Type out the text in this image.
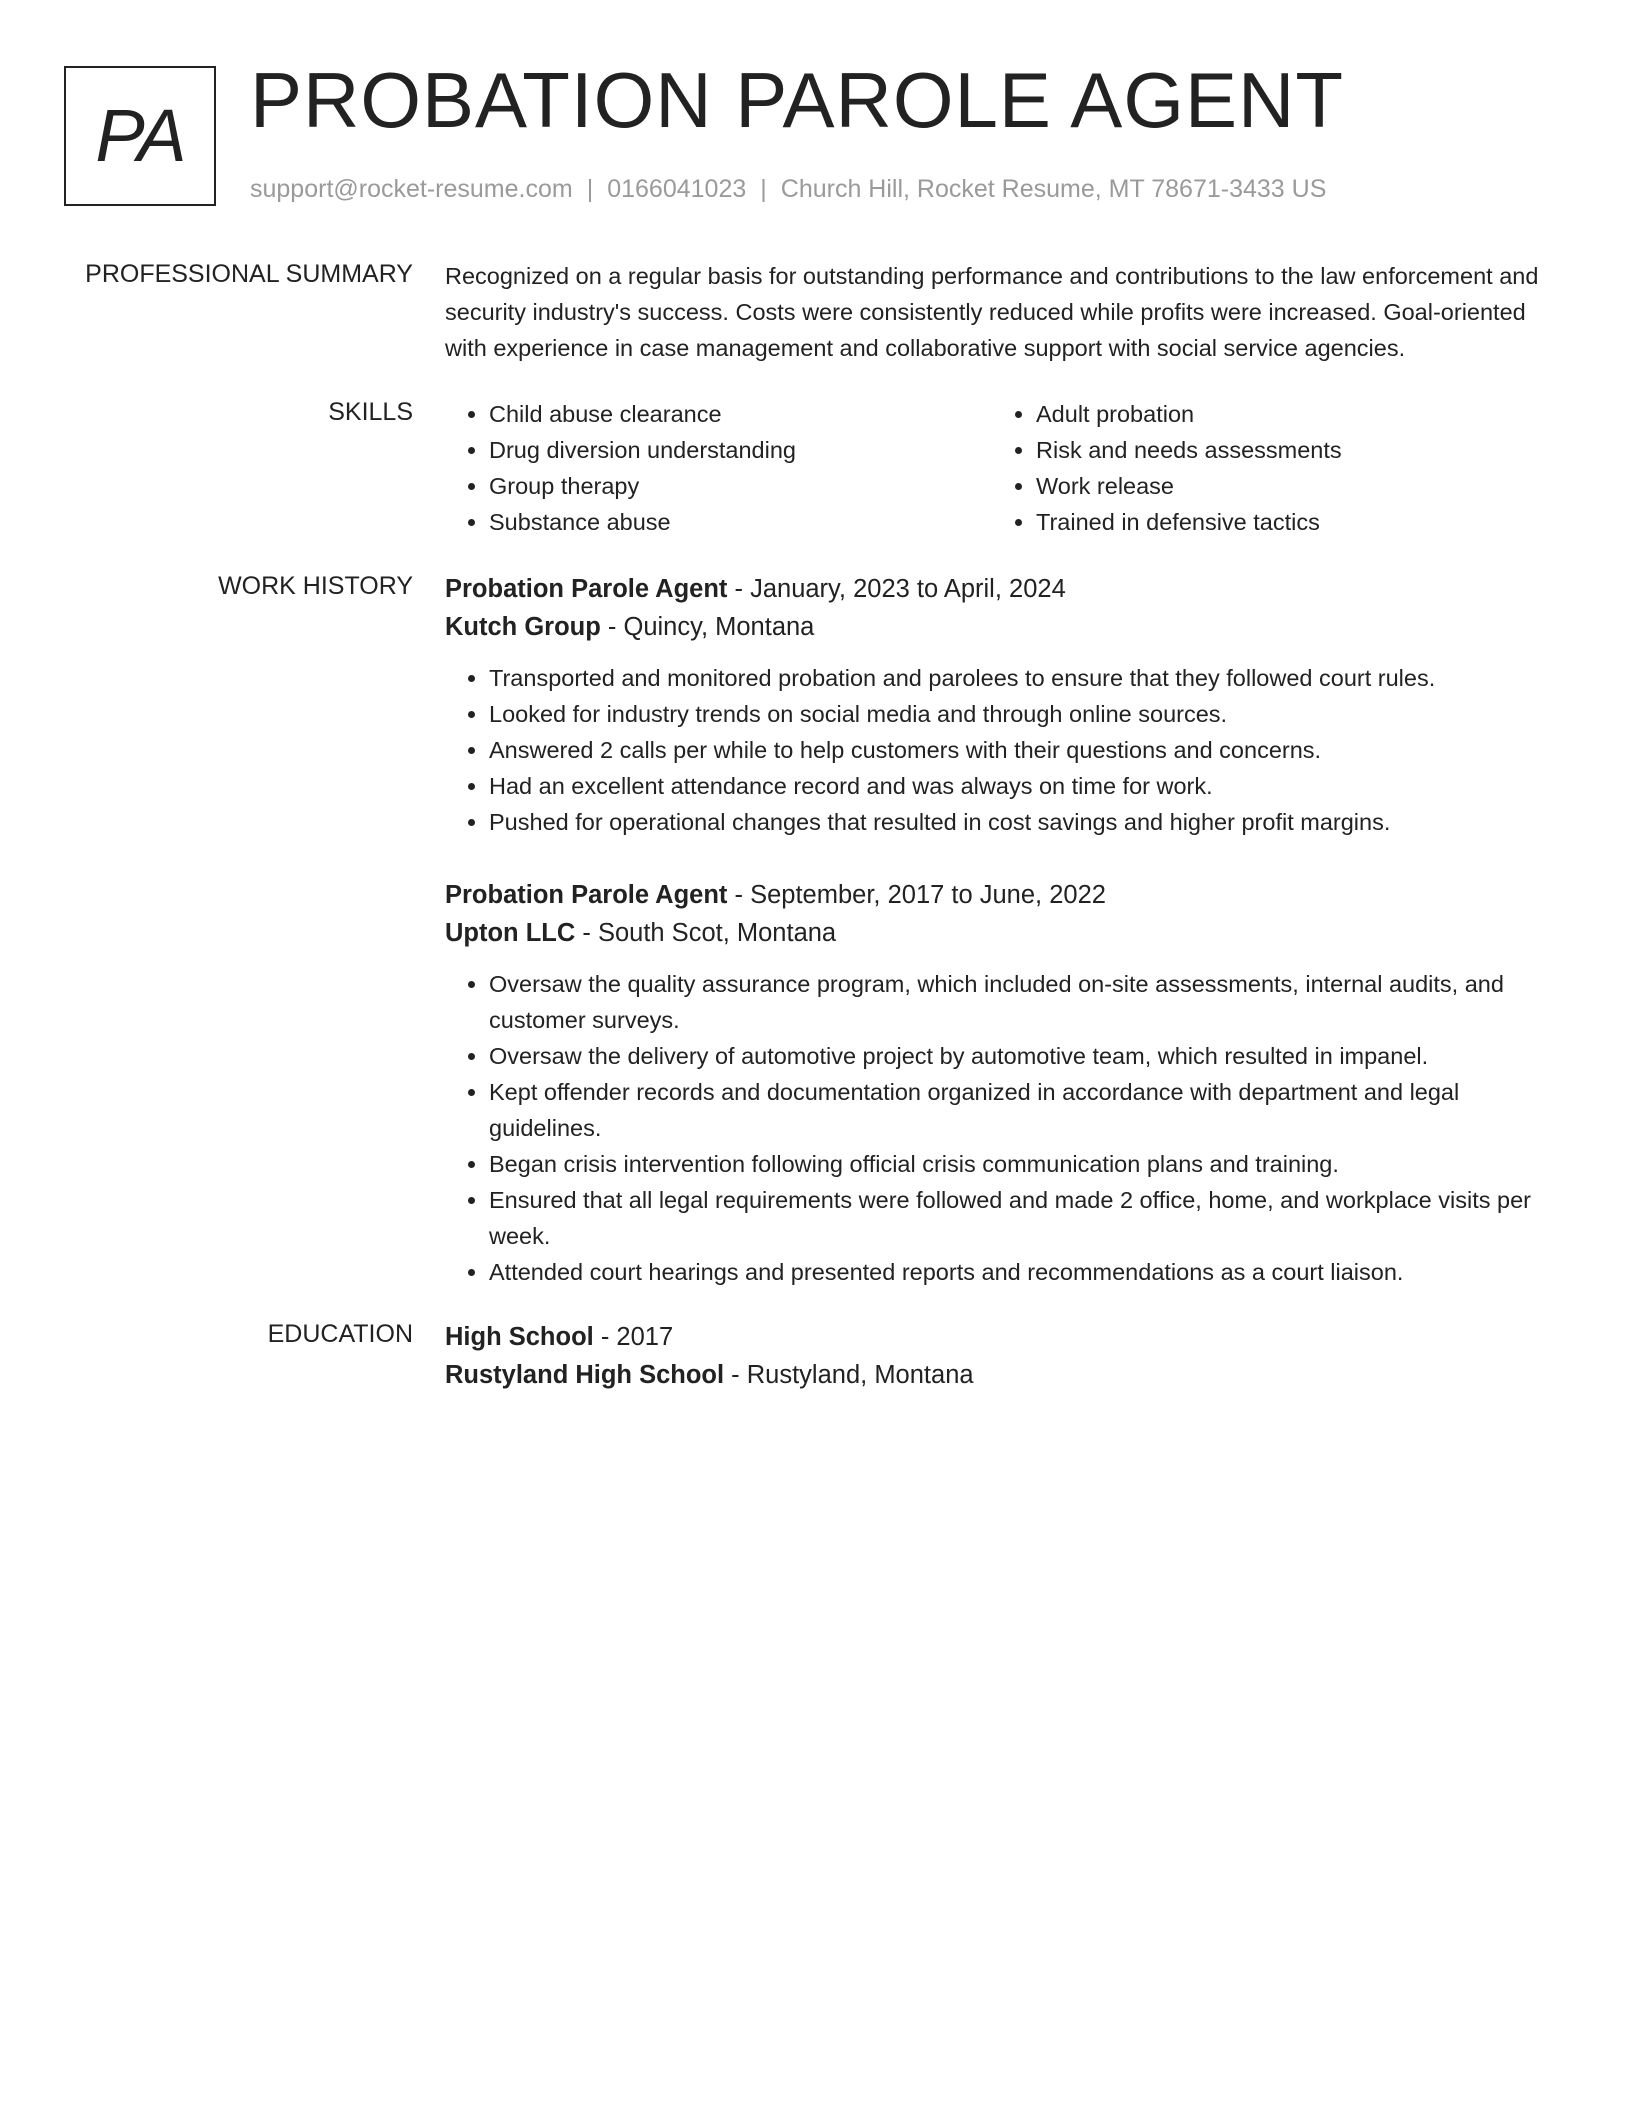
PA PROBATION PAROLE AGENT
support@rocket-resume.com | 0166041023 | Church Hill, Rocket Resume, MT 78671-3433 US
PROFESSIONAL SUMMARY Recognized on a regular basis for outstanding performance and contributions to the law enforcement and security industry's success. Costs were consistently reduced while profits were increased. Goal-oriented with experience in case management and collaborative support with social service agencies.

SKILLS
•	Child abuse clearance
• Drug diversion understanding
• Group therapy
• Substance abuse
• Adult probation
• Risk and needs assessments
• Work release
• Trained in defensive tactics
WORK HISTORY Probation Parole Agent - January, 2023 to April, 2024
Kutch Group - Quincy, Montana
• Transported and monitored probation and parolees to ensure that they followed court rules.
• Looked for industry trends on social media and through online sources.
• Answered 2 calls per while to help customers with their questions and concerns.
• Had an excellent attendance record and was always on time for work.
• Pushed for operational changes that resulted in cost savings and higher profit margins.
Probation Parole Agent - September, 2017 to June, 2022
Upton LLC - South Scot, Montana
• Oversaw the quality assurance program, which included on-site assessments, internal audits, and customer surveys.
• Oversaw the delivery of automotive project by automotive team, which resulted in impanel.
• Kept offender records and documentation organized in accordance with department and legal guidelines.
• Began crisis intervention following official crisis communication plans and training.
• Ensured that all legal requirements were followed and made 2 office, home, and workplace visits per week.
• Attended court hearings and presented reports and recommendations as a court liaison.
EDUCATION High School - 2017
Rustyland High School - Rustyland, Montana
